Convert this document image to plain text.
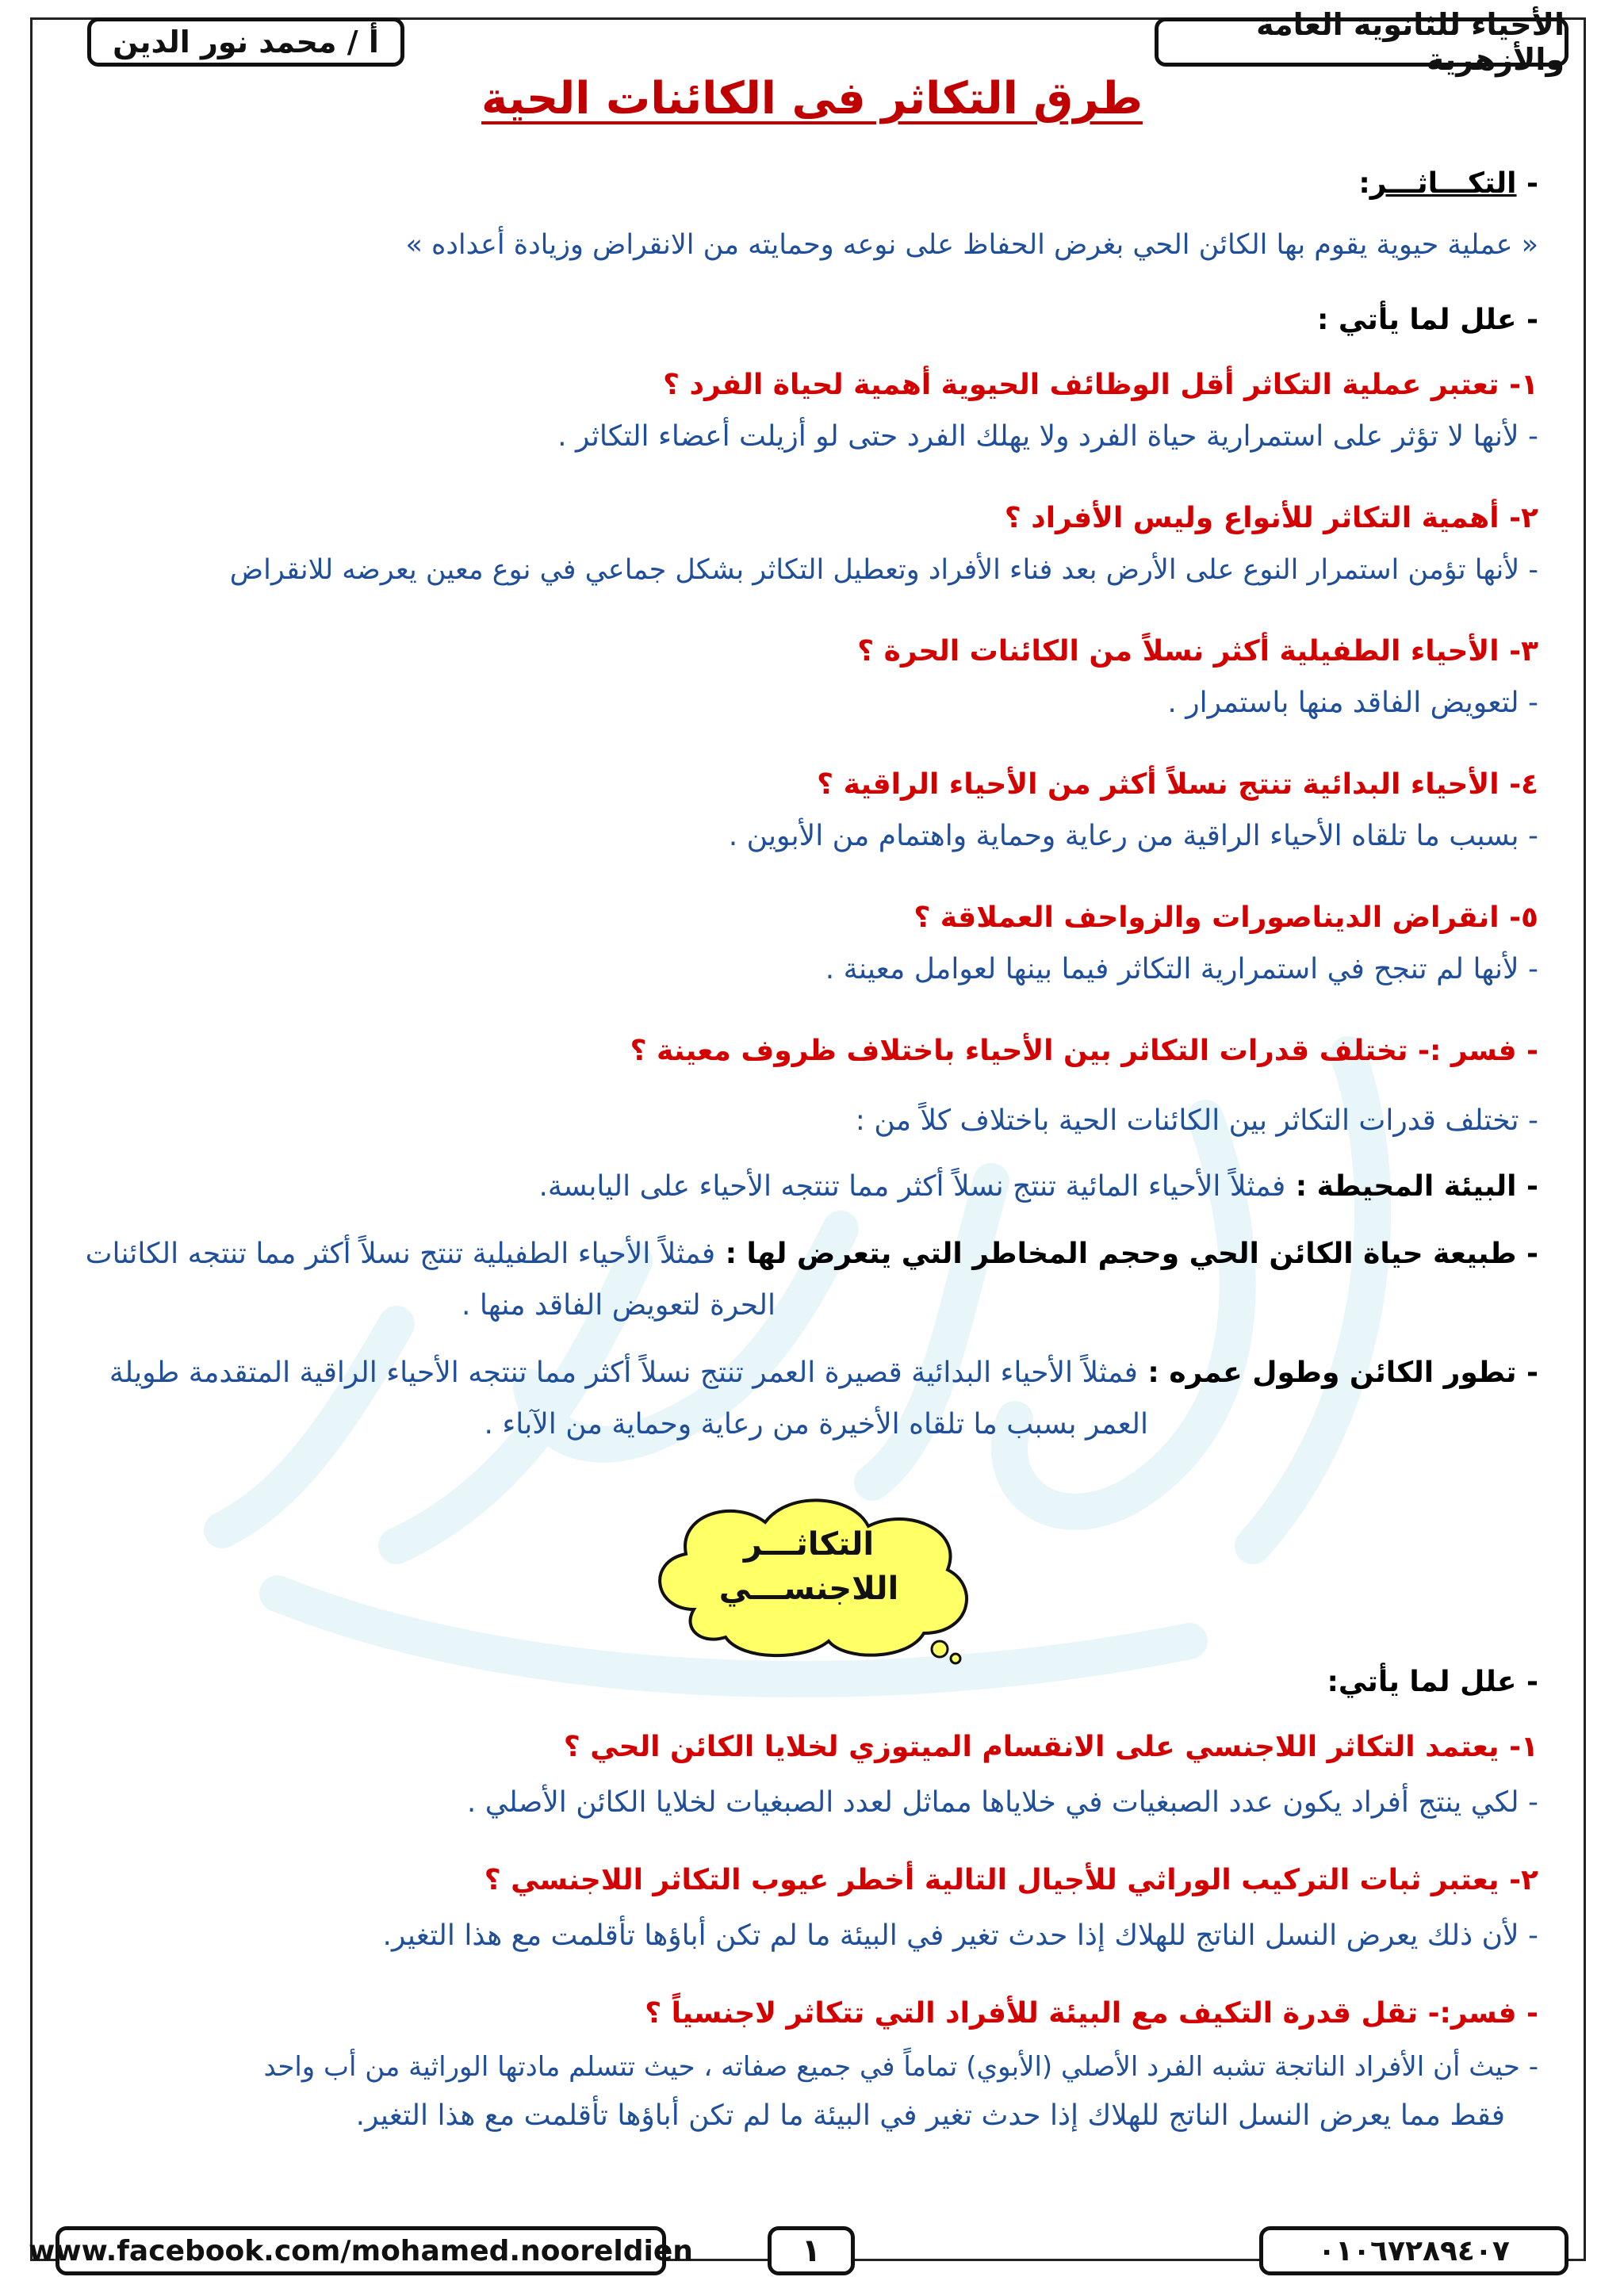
الأحياء للثانوية العامة والأزهرية
أ / محمد نور الدين
طرق التكاثر فى الكائنات الحية
- التكـــاثـــر:
« عملية حيوية يقوم بها الكائن الحي بغرض الحفاظ على نوعه وحمايته من الانقراض وزيادة أعداده »
- علل لما يأتي :
١- تعتبر عملية التكاثر أقل الوظائف الحيوية أهمية لحياة الفرد ؟
- لأنها لا تؤثر على استمرارية حياة الفرد ولا يهلك الفرد حتى لو أزيلت أعضاء التكاثر .
٢- أهمية التكاثر للأنواع وليس الأفراد ؟
- لأنها تؤمن استمرار النوع على الأرض بعد فناء الأفراد وتعطيل التكاثر بشكل جماعي في نوع معين يعرضه للانقراض
٣- الأحياء الطفيلية أكثر نسلاً من الكائنات الحرة ؟
- لتعويض الفاقد منها باستمرار .
٤- الأحياء البدائية تنتج نسلاً أكثر من الأحياء الراقية ؟
- بسبب ما تلقاه الأحياء الراقية من رعاية وحماية واهتمام من الأبوين .
٥- انقراض الديناصورات والزواحف العملاقة ؟
- لأنها لم تنجح في استمرارية التكاثر فيما بينها لعوامل معينة .
- فسر :- تختلف قدرات التكاثر بين الأحياء باختلاف ظروف معينة ؟
- تختلف قدرات التكاثر بين الكائنات الحية باختلاف كلاً من :
- البيئة المحيطة : فمثلاً الأحياء المائية تنتج نسلاً أكثر مما تنتجه الأحياء على اليابسة.
- طبيعة حياة الكائن الحي وحجم المخاطر التي يتعرض لها : فمثلاً الأحياء الطفيلية تنتج نسلاً أكثر مما تنتجه الكائنات
الحرة لتعويض الفاقد منها .
- تطور الكائن وطول عمره : فمثلاً الأحياء البدائية قصيرة العمر تنتج نسلاً أكثر مما تنتجه الأحياء الراقية المتقدمة طويلة
العمر بسبب ما تلقاه الأخيرة من رعاية وحماية من الآباء .
التكاثـــر
اللاجنســـي
- علل لما يأتي:
١- يعتمد التكاثر اللاجنسي على الانقسام الميتوزي لخلايا الكائن الحي ؟
- لكي ينتج أفراد يكون عدد الصبغيات في خلاياها مماثل لعدد الصبغيات لخلايا الكائن الأصلي .
٢- يعتبر ثبات التركيب الوراثي للأجيال التالية أخطر عيوب التكاثر اللاجنسي ؟
- لأن ذلك يعرض النسل الناتج للهلاك إذا حدث تغير في البيئة ما لم تكن أباؤها تأقلمت مع هذا التغير.
- فسر:- تقل قدرة التكيف مع البيئة للأفراد التي تتكاثر لاجنسياً ؟
- حيث أن الأفراد الناتجة تشبه الفرد الأصلي (الأبوي) تماماً في جميع صفاته ، حيث تتسلم مادتها الوراثية من أب واحد
فقط مما يعرض النسل الناتج للهلاك إذا حدث تغير في البيئة ما لم تكن أباؤها تأقلمت مع هذا التغير.
www.facebook.com/mohamed.nooreldien	١	٠١٠٦٧٢٨٩٤٠٧
